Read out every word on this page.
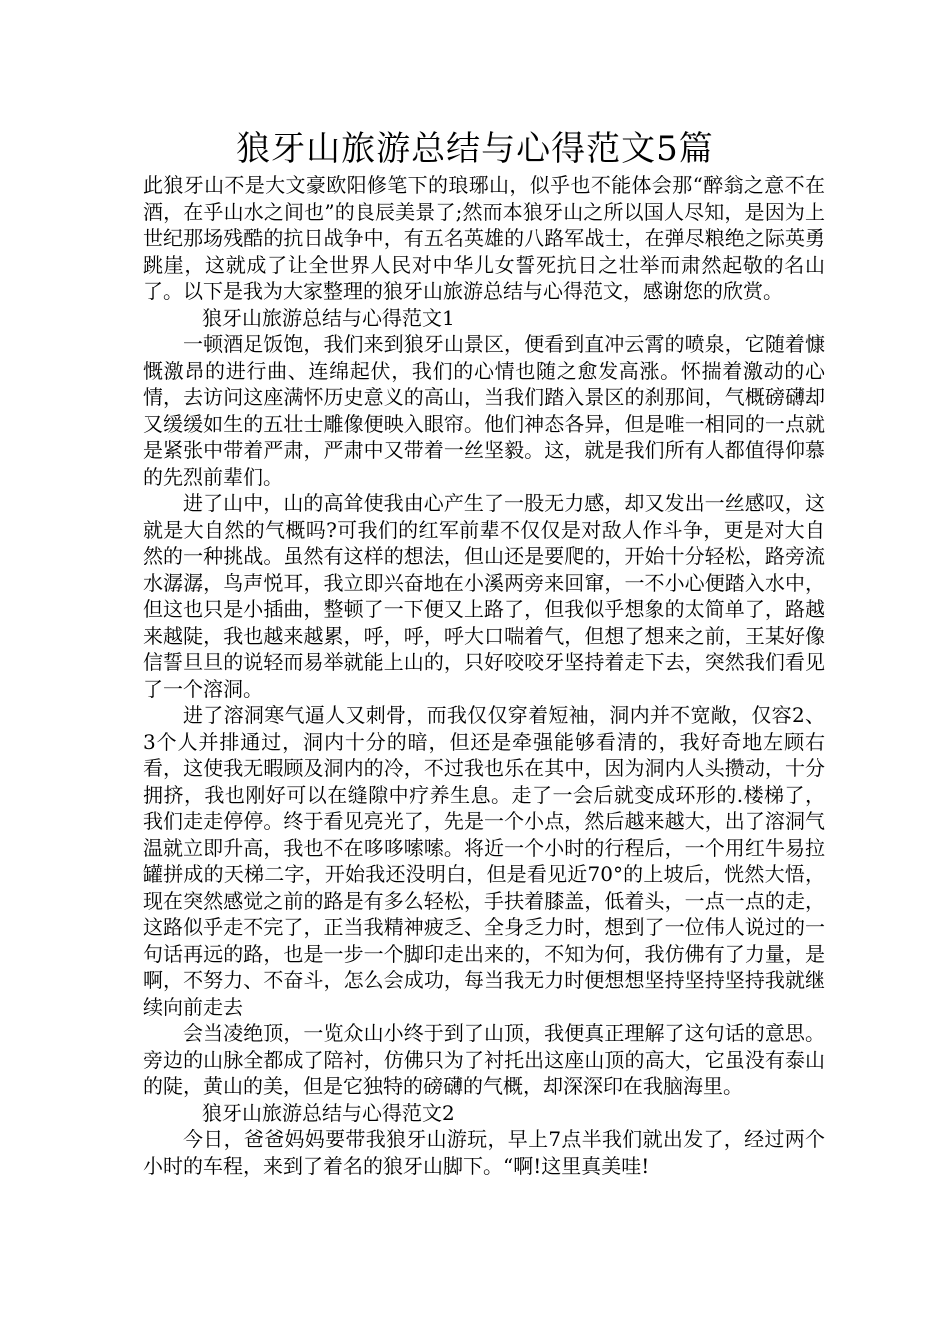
狼牙山旅游总结与心得范文5篇

此狼牙山不是大文豪欧阳修笔下的琅琊山，似乎也不能体会那“醉翁之意不在酒，在乎山水之间也”的良辰美景了;然而本狼牙山之所以国人尽知，是因为上世纪那场残酷的抗日战争中，有五名英雄的八路军战士，在弹尽粮绝之际英勇跳崖，这就成了让全世界人民对中华儿女誓死抗日之壮举而肃然起敬的名山了。以下是我为大家整理的狼牙山旅游总结与心得范文，感谢您的欣赏。

狼牙山旅游总结与心得范文1

一顿酒足饭饱，我们来到狼牙山景区，便看到直冲云霄的喷泉，它随着慷慨激昂的进行曲、连绵起伏，我们的心情也随之愈发高涨。怀揣着激动的心情，去访问这座满怀历史意义的高山，当我们踏入景区的刹那间，气概磅礴却又缓缓如生的五壮士雕像便映入眼帘。他们神态各异，但是唯一相同的一点就是紧张中带着严肃，严肃中又带着一丝坚毅。这，就是我们所有人都值得仰慕的先烈前辈们。

进了山中，山的高耸使我由心产生了一股无力感，却又发出一丝感叹，这就是大自然的气概吗?可我们的红军前辈不仅仅是对敌人作斗争，更是对大自然的一种挑战。虽然有这样的想法，但山还是要爬的，开始十分轻松，路旁流水潺潺，鸟声悦耳，我立即兴奋地在小溪两旁来回窜，一不小心便踏入水中，但这也只是小插曲，整顿了一下便又上路了，但我似乎想象的太简单了，路越来越陡，我也越来越累，呼，呼，呼大口喘着气，但想了想来之前，王某好像信誓旦旦的说轻而易举就能上山的，只好咬咬牙坚持着走下去，突然我们看见了一个溶洞。

进了溶洞寒气逼人又刺骨，而我仅仅穿着短袖，洞内并不宽敞，仅容2、3个人并排通过，洞内十分的暗，但还是牵强能够看清的，我好奇地左顾右看，这使我无暇顾及洞内的冷，不过我也乐在其中，因为洞内人头攒动，十分拥挤，我也刚好可以在缝隙中疗养生息。走了一会后就变成环形的.楼梯了，我们走走停停。终于看见亮光了，先是一个小点，然后越来越大，出了溶洞气温就立即升高，我也不在哆哆嗦嗦。将近一个小时的行程后，一个用红牛易拉罐拼成的天梯二字，开始我还没明白，但是看见近70°的上坡后，恍然大悟，现在突然感觉之前的路是有多么轻松，手扶着膝盖，低着头，一点一点的走，这路似乎走不完了，正当我精神疲乏、全身乏力时，想到了一位伟人说过的一句话再远的路，也是一步一个脚印走出来的，不知为何，我仿佛有了力量，是啊，不努力、不奋斗，怎么会成功，每当我无力时便想想坚持坚持坚持我就继续向前走去

会当凌绝顶，一览众山小终于到了山顶，我便真正理解了这句话的意思。旁边的山脉全都成了陪衬，仿佛只为了衬托出这座山顶的高大，它虽没有泰山的陡，黄山的美，但是它独特的磅礴的气概，却深深印在我脑海里。

狼牙山旅游总结与心得范文2

今日，爸爸妈妈要带我狼牙山游玩，早上7点半我们就出发了，经过两个小时的车程，来到了着名的狼牙山脚下。“啊!这里真美哇!
